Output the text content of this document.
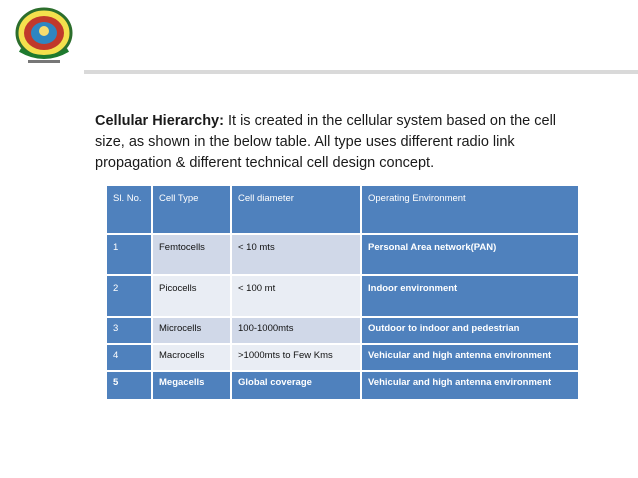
Cellular Hierarchy: It is created in the cellular system based on the cell size, as shown in the below table. All type uses different radio link propagation & different technical cell design concept.
Sl. No.	Cell Type	Cell diameter	Operating Environment
1	Femtocells	< 10 mts	Personal Area network(PAN)
2	Picocells	< 100 mt	Indoor environment
3	Microcells	100-1000mts	Outdoor to indoor and pedestrian
4	Macrocells	>1000mts to Few Kms	Vehicular and high antenna environment
5	Megacells	Global coverage	Vehicular and high antenna environment
